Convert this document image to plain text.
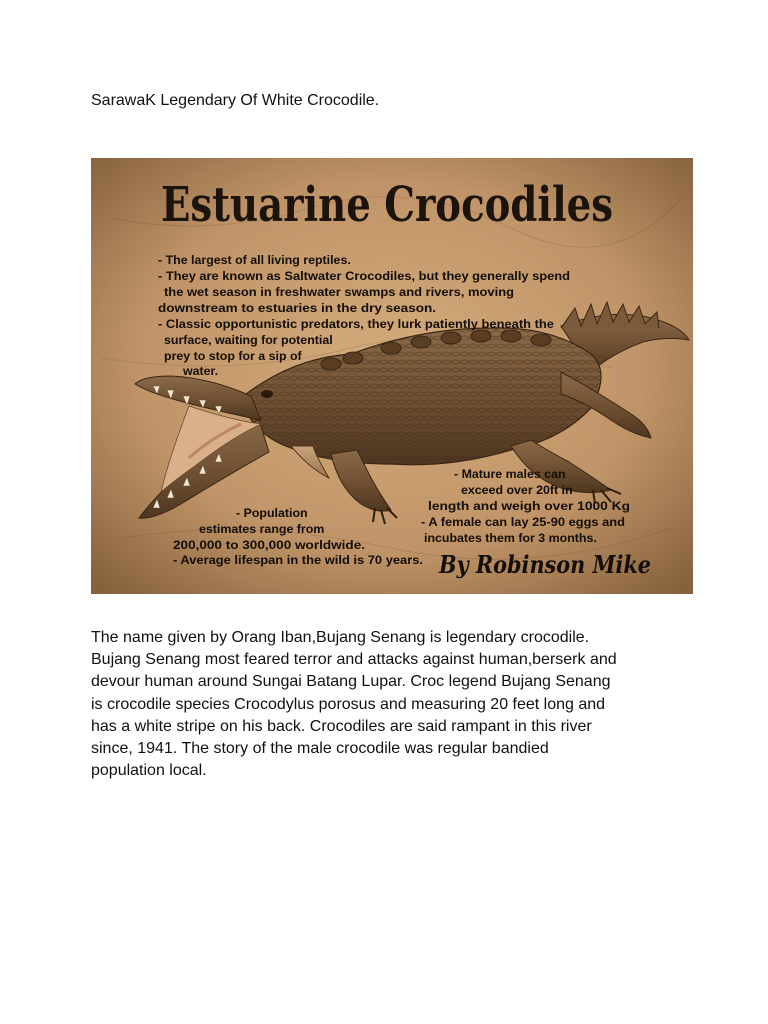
SarawaK Legendary Of White Crocodile.
Estuarine Crocodiles
- The largest of all living reptiles.
- They are known as Saltwater Crocodiles, but they generally spend
the wet season in freshwater swamps and rivers, moving
downstream to estuaries in the dry season.
- Classic opportunistic predators, they lurk patiently beneath the
surface, waiting for potential
prey to stop for a sip of
water.
- Mature males can
exceed over 20ft in
length and weigh over 1000 Kg
- A female can lay 25-90 eggs and
incubates them for 3 months.
- Population
estimates range from
200,000 to 300,000 worldwide.
- Average lifespan in the wild is 70 years. By Robinson Mike

The name given by Orang Iban,Bujang Senang is legendary crocodile.
Bujang Senang most feared terror and attacks against human,berserk and
devour human around Sungai Batang Lupar. Croc legend Bujang Senang
is crocodile species Crocodylus porosus and measuring 20 feet long and
has a white stripe on his back. Crocodiles are said rampant in this river
since, 1941. The story of the male crocodile was regular bandied
population local.
